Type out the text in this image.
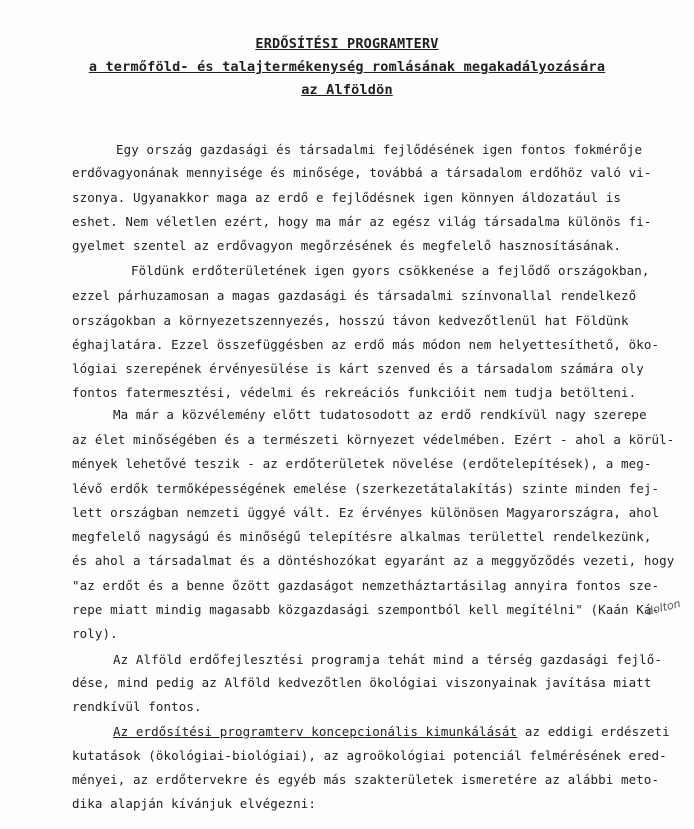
ERDŐSÍTÉSI PROGRAMTERV
a termőföld- és talajtermékenység romlásának megakadályozására
az Alföldön
Egy ország gazdasági és társadalmi fejlődésének igen fontos fokmérője
erdővagyonának mennyisége és minősége, továbbá a társadalom erdőhöz való vi-
szonya. Ugyanakkor maga az erdő e fejlődésnek igen könnyen áldozatául is
eshet. Nem véletlen ezért, hogy ma már az egész világ társadalma különös fi-
gyelmet szentel az erdővagyon megőrzésének és megfelelő hasznosításának.
Földünk erdőterületének igen gyors csökkenése a fejlődő országokban,
ezzel párhuzamosan a magas gazdasági és társadalmi színvonallal rendelkező
országokban a környezetszennyezés, hosszú távon kedvezőtlenül hat Földünk
éghajlatára. Ezzel összefüggésben az erdő más módon nem helyettesíthető, öko-
lógiai szerepének érvényesülése is kárt szenved és a társadalom számára oly
fontos fatermesztési, védelmi és rekreációs funkcióit nem tudja betölteni.
Ma már a közvélemény előtt tudatosodott az erdő rendkívül nagy szerepe
az élet minőségében és a természeti környezet védelmében. Ezért - ahol a körül-
mények lehetővé teszik - az erdőterületek növelése (erdőtelepítések), a meg-
lévő erdők termőképességének emelése (szerkezetátalakítás) szinte minden fej-
lett országban nemzeti üggyé vált. Ez érvényes különösen Magyarországra, ahol
megfelelő nagyságú és minőségű telepítésre alkalmas területtel rendelkezünk,
és ahol a társadalmat és a döntéshozókat egyaránt az a meggyőződés vezeti, hogy
"az erdőt és a benne őzött gazdaságot nemzetháztartásilag annyira fontos sze-
repe miatt mindig magasabb közgazdasági szempontból kell megítélni" (Kaán Ká-
roly).
Az Alföld erdőfejlesztési programja tehát mind a térség gazdasági fejlő-
dése, mind pedig az Alföld kedvezőtlen ökológiai viszonyainak javítása miatt
rendkívül fontos.
Az erdősítési programterv koncepcionális kimunkálását az eddigi erdészeti
kutatások (ökológiai-biológiai), az agroökológiai potenciál felmérésének ered-
ményei, az erdőtervekre és egyéb más szakterületek ismeretére az alábbi meto-
dika alapján kívánjuk elvégezni:
dolton
